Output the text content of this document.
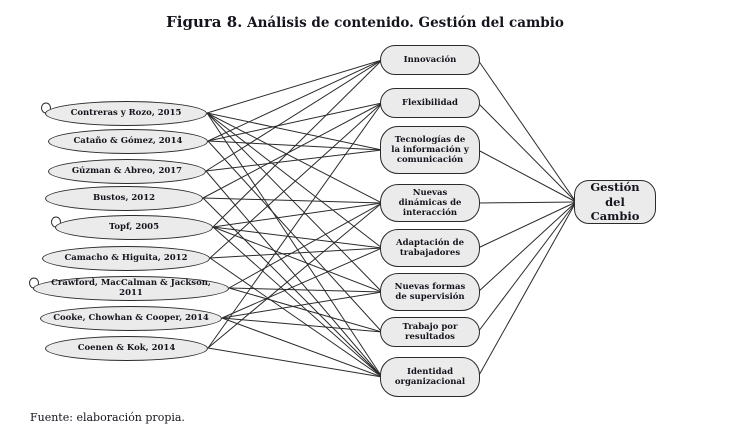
Figura 8. Análisis de contenido. Gestión del cambio
Contreras y Rozo, 2015
Cataño & Gómez, 2014
Gúzman & Abreo, 2017
Bustos, 2012
Topf, 2005
Camacho & Higuita, 2012
Crawford, MacCalman & Jackson, 2011
Cooke, Chowhan & Cooper, 2014
Coenen & Kok, 2014
Innovación
Flexibilidad
Tecnologías de la información y comunicación
Nuevas dinámicas de interacción
Adaptación de trabajadores
Nuevas formas de supervisión
Trabajo por resultados
Identidad organizacional
Gestión del Cambio
Fuente: elaboración propia.
